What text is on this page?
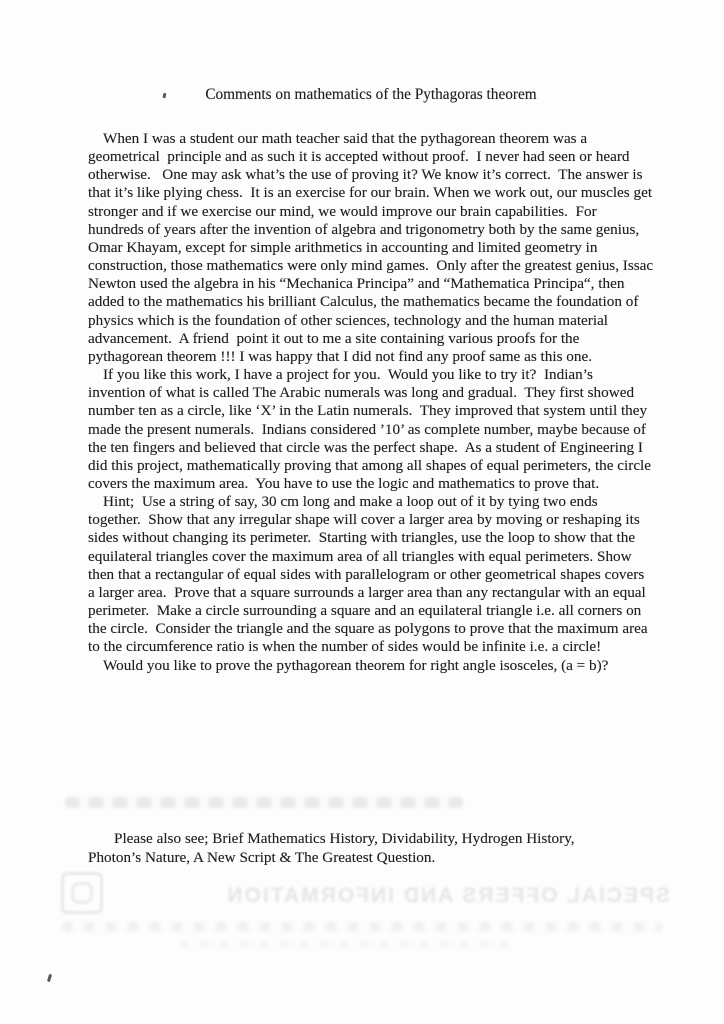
Comments on mathematics of the Pythagoras theorem

When I was a student our math teacher said that the pythagorean theorem was a geometrical  principle and as such it is accepted without proof.  I never had seen or heard otherwise.   One may ask what’s the use of proving it? We know it’s correct.  The answer is that it’s like plying chess.  It is an exercise for our brain. When we work out, our muscles get stronger and if we exercise our mind, we would improve our brain capabilities.  For hundreds of years after the invention of algebra and trigonometry both by the same genius, Omar Khayam, except for simple arithmetics in accounting and limited geometry in construction, those mathematics were only mind games.  Only after the greatest genius, Issac Newton used the algebra in his “Mechanica Principa” and “Mathematica Principa“, then added to the mathematics his brilliant Calculus, the mathematics became the foundation of physics which is the foundation of other sciences, technology and the human material advancement.  A friend  point it out to me a site containing various proofs for the pythagorean theorem !!! I was happy that I did not find any proof same as this one.

If you like this work, I have a project for you.  Would you like to try it?  Indian’s invention of what is called The Arabic numerals was long and gradual.  They first showed number ten as a circle, like ‘X’ in the Latin numerals.  They improved that system until they made the present numerals.  Indians considered ’10’ as complete number, maybe because of the ten fingers and believed that circle was the perfect shape.  As a student of Engineering I did this project, mathematically proving that among all shapes of equal perimeters, the circle covers the maximum area.  You have to use the logic and mathematics to prove that.

Hint;  Use a string of say, 30 cm long and make a loop out of it by tying two ends together.  Show that any irregular shape will cover a larger area by moving or reshaping its sides without changing its perimeter.  Starting with triangles, use the loop to show that the equilateral triangles cover the maximum area of all triangles with equal perimeters. Show then that a rectangular of equal sides with parallelogram or other geometrical shapes covers a larger area.  Prove that a square surrounds a larger area than any rectangular with an equal perimeter.  Make a circle surrounding a square and an equilateral triangle i.e. all corners on the circle.  Consider the triangle and the square as polygons to prove that the maximum area to the circumference ratio is when the number of sides would be infinite i.e. a circle!

Would you like to prove the pythagorean theorem for right angle isosceles, (a = b)?

Please also see; Brief Mathematics History, Dividability, Hydrogen History,
Photon’s Nature, A New Script & The Greatest Question.
SPECIAL OFFERS AND INFORMATION
